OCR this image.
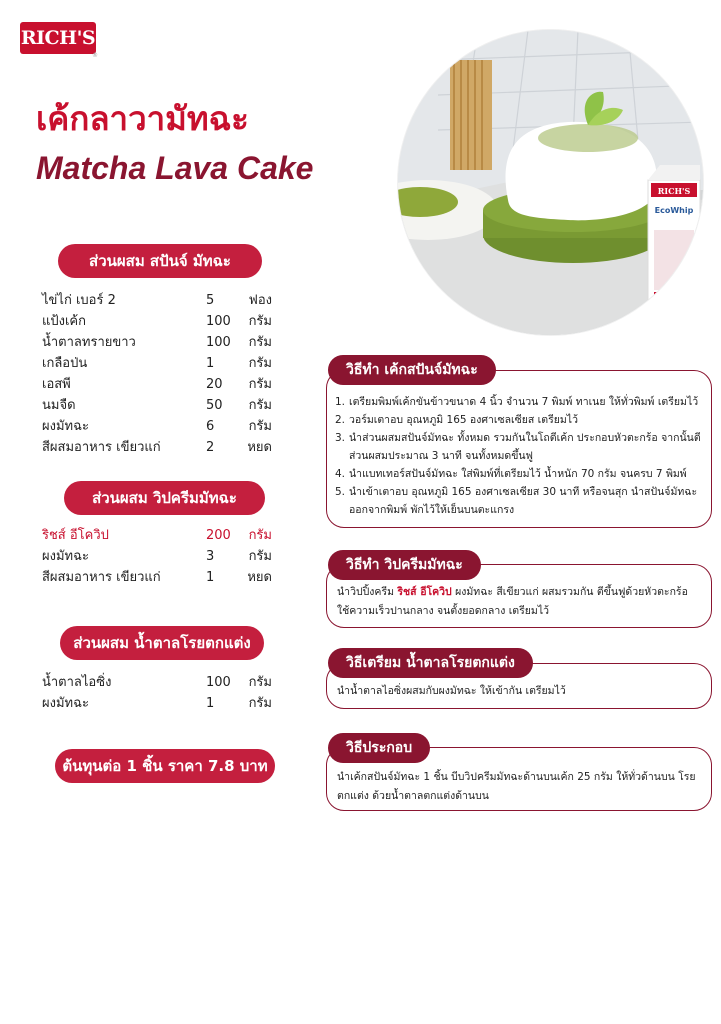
RICH'S
®
เค้กลาวามัทฉะ
Matcha Lava Cake
RICH'S
EcoWhip
ส่วนผสม สปันจ์ มัทฉะ
ไข่ไก่ เบอร์ 2	5	ฟอง
แป้งเค้ก	100 กรัม
น้ำตาลทรายขาว	100 กรัม
เกลือป่น	1	กรัม
เอสพี	20 กรัม
นมจืด	50 กรัม
ผงมัทฉะ	6	กรัม
สีผสมอาหาร เขียวแก่	2	หยด
ส่วนผสม วิปครีมมัทฉะ
ริชส์ อีโควิป	200 กรัม
ผงมัทฉะ	3	กรัม
สีผสมอาหาร เขียวแก่	1	หยด
ส่วนผสม น้ำตาลโรยตกแต่ง
น้ำตาลไอซิ่ง	100 กรัม
ผงมัทฉะ	1	กรัม
ต้นทุนต่อ 1 ชิ้น ราคา 7.8 บาท
1. เตรียมพิมพ์เค้กขันข้าวขนาด 4 นิ้ว จำนวน 7 พิมพ์ ทาเนย ให้ทั่วพิมพ์ เตรียมไว้
2. วอร์มเตาอบ อุณหภูมิ 165 องศาเซลเซียส เตรียมไว้
3. นำส่วนผสมสปันจ์มัทฉะ ทั้งหมด รวมกันในโถตีเค้ก ประกอบหัวตะกร้อ จากนั้นตี ส่วนผสมประมาณ 3 นาที จนทั้งหมดขึ้นฟู
4. นำแบทเทอร์สปันจ์มัทฉะ ใส่พิมพ์ที่เตรียมไว้ น้ำหนัก 70 กรัม จนครบ 7 พิมพ์
5. นำเข้าเตาอบ อุณหภูมิ 165 องศาเซลเซียส 30 นาที หรือจนสุก นำสปันจ์มัทฉะ ออกจากพิมพ์ พักไว้ให้เย็นบนตะแกรง
วิธีทำ เค้กสปันจ์มัทฉะ

นำวิปปิ้งครีม ริชส์ อีโควิป ผงมัทฉะ สีเขียวแก่ ผสมรวมกัน ตีขึ้นฟูด้วยหัวตะกร้อ ใช้ความเร็วปานกลาง จนตั้งยอดกลาง เตรียมไว้

วิธีทำ วิปครีมมัทฉะ

นำน้ำตาลไอซิ่งผสมกับผงมัทฉะ ให้เข้ากัน เตรียมไว้

วิธีเตรียม น้ำตาลโรยตกแต่ง

นำเค้กสปันจ์มัทฉะ 1 ชิ้น บีบวิปครีมมัทฉะด้านบนเค้ก 25 กรัม ให้ทั่วด้านบน โรยตกแต่ง ด้วยน้ำตาลตกแต่งด้านบน

วิธีประกอบ
